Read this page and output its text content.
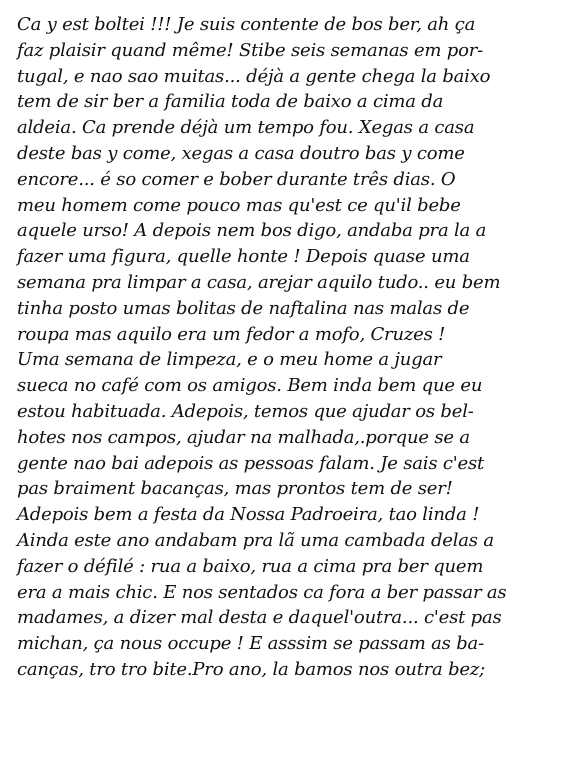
Ca y est boltei !!! Je suis contente de bos ber, ah ça
faz plaisir quand même! Stibe seis semanas em por-
tugal, e nao sao muitas... déjà a gente chega la baixo
tem de sir ber a familia toda de baixo a cima da
aldeia. Ca prende déjà um tempo fou. Xegas a casa
deste bas y come, xegas a casa doutro bas y come
encore... é so comer e bober durante três dias. O
meu homem come pouco mas qu'est ce qu'il bebe
aquele urso! A depois nem bos digo, andaba pra la a
fazer uma figura, quelle honte ! Depois quase uma
semana pra limpar a casa, arejar aquilo tudo.. eu bem
tinha posto umas bolitas de naftalina nas malas de
roupa mas aquilo era um fedor a mofo, Cruzes !
Uma semana de limpeza, e o meu home a jugar
sueca no café com os amigos. Bem inda bem que eu
estou habituada. Adepois, temos que ajudar os bel-
hotes nos campos, ajudar na malhada,.porque se a
gente nao bai adepois as pessoas falam. Je sais c'est
pas braiment bacanças, mas prontos tem de ser!
Adepois bem a festa da Nossa Padroeira, tao linda !
Ainda este ano andabam pra lã uma cambada delas a
fazer o défilé : rua a baixo, rua a cima pra ber quem
era a mais chic. E nos sentados ca fora a ber passar as
madames, a dizer mal desta e daquel'outra... c'est pas
michan, ça nous occupe ! E asssim se passam as ba-
canças, tro tro bite.Pro ano, la bamos nos outra bez;
